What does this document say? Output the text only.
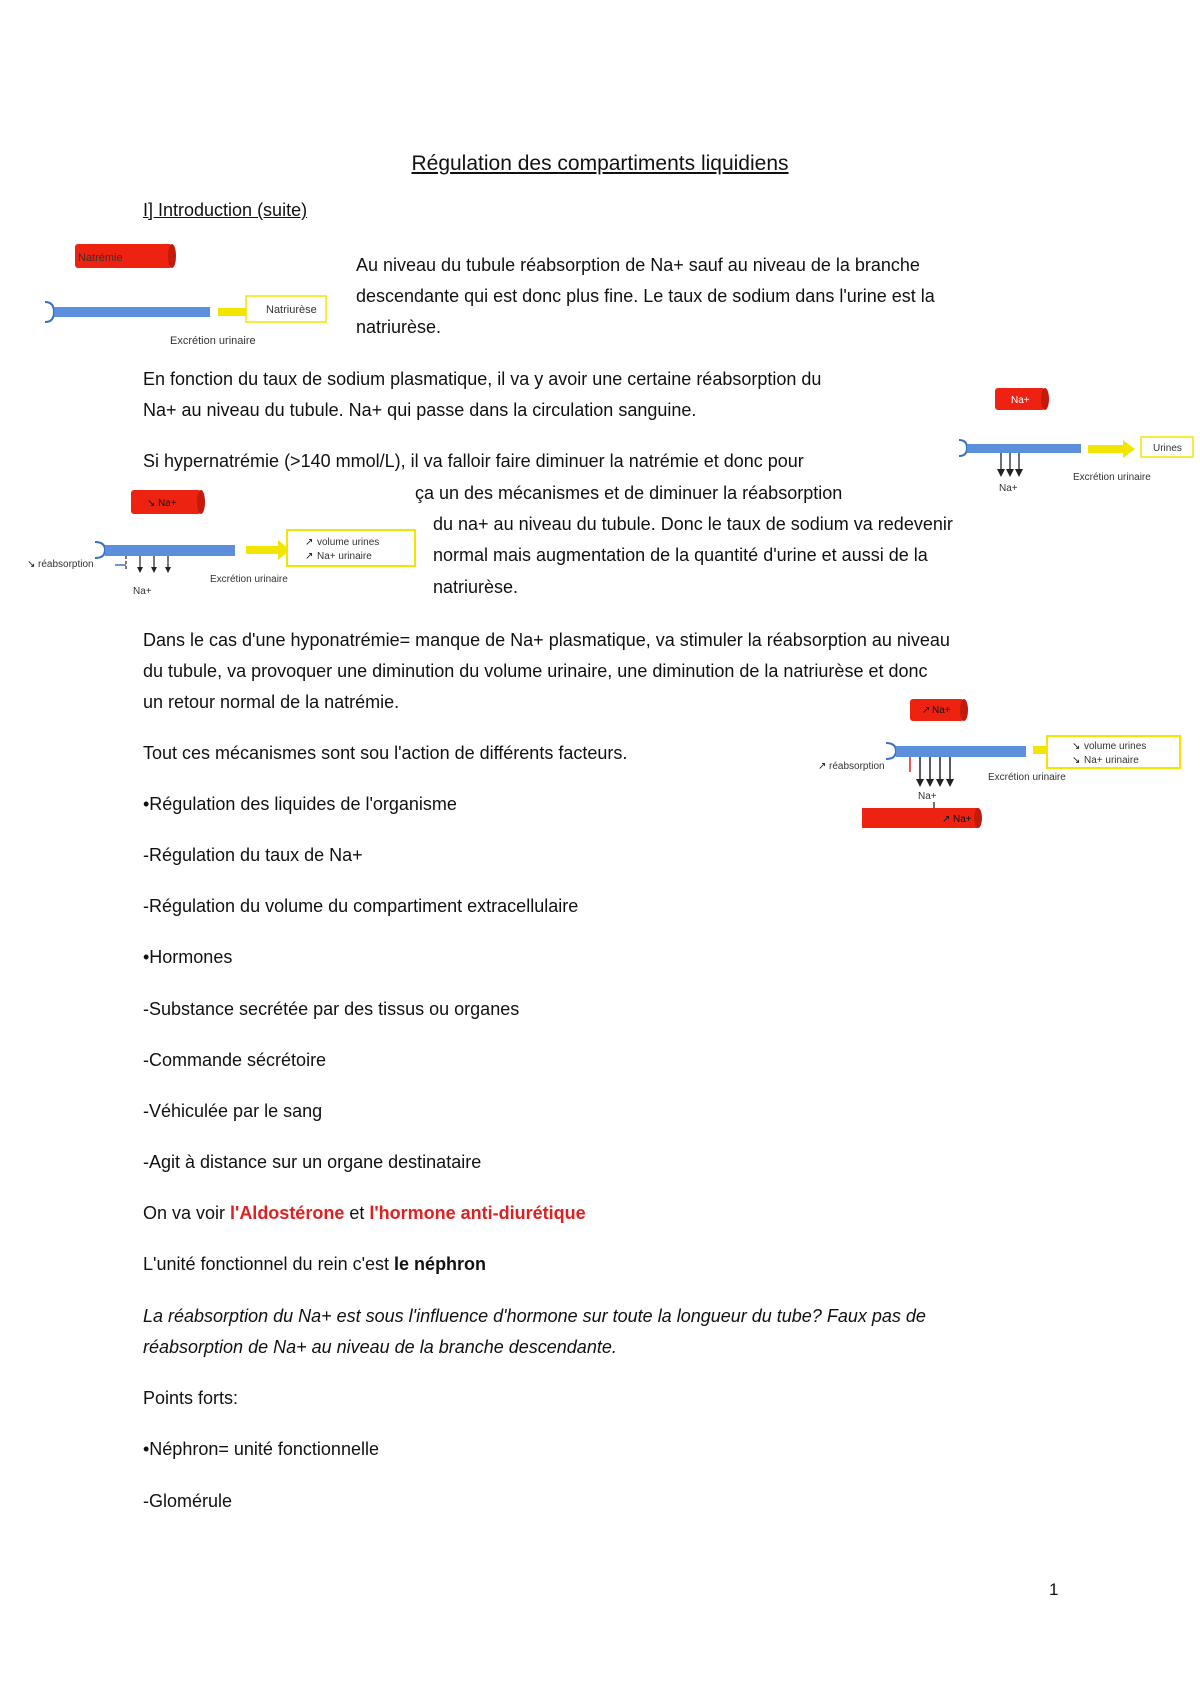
Régulation des compartiments liquidiens
I] Introduction (suite)
Natrémie
Natriurèse
Excrétion urinaire
Au niveau du tubule réabsorption de Na+ sauf au niveau de la branche
descendante qui est donc plus fine. Le taux de sodium dans l'urine est la
natriurèse.
En fonction du taux de sodium plasmatique, il va y avoir une certaine réabsorption du
Na+ au niveau du tubule. Na+ qui passe dans la circulation sanguine.	Na+
Na+
Urines
Excrétion urinaire
Si hypernatrémie (>140 mmol/L), il va falloir faire diminuer la natrémie et donc pour
ça un des mécanismes et de diminuer la réabsorption
du na+ au niveau du tubule. Donc le taux de sodium va redevenir
normal mais augmentation de la quantité d'urine et aussi de la
natriurèse.
↘ Na+
↘ réabsorption
Na+
↗ volume urines
↗ Na+ urinaire
Excrétion urinaire
Dans le cas d'une hyponatrémie= manque de Na+ plasmatique, va stimuler la réabsorption au niveau
du tubule, va provoquer une diminution du volume urinaire, une diminution de la natriurèse et donc
un retour normal de la natrémie.	↗ Na+
↗ réabsorption
Na+
↗ Na+
↘ volume urines
↘ Na+ urinaire
Excrétion urinaire
Tout ces mécanismes sont sou l'action de différents facteurs.
•Régulation des liquides de l'organisme
-Régulation du taux de Na+
-Régulation du volume du compartiment extracellulaire
•Hormones
-Substance secrétée par des tissus ou organes
-Commande sécrétoire
-Véhiculée par le sang
-Agit à distance sur un organe destinataire
On va voir l'Aldostérone et l'hormone anti-diurétique
L'unité fonctionnel du rein c'est le néphron
La réabsorption du Na+ est sous l'influence d'hormone sur toute la longueur du tube? Faux pas de
réabsorption de Na+ au niveau de la branche descendante.
Points forts:
•Néphron= unité fonctionnelle
-Glomérule
1
